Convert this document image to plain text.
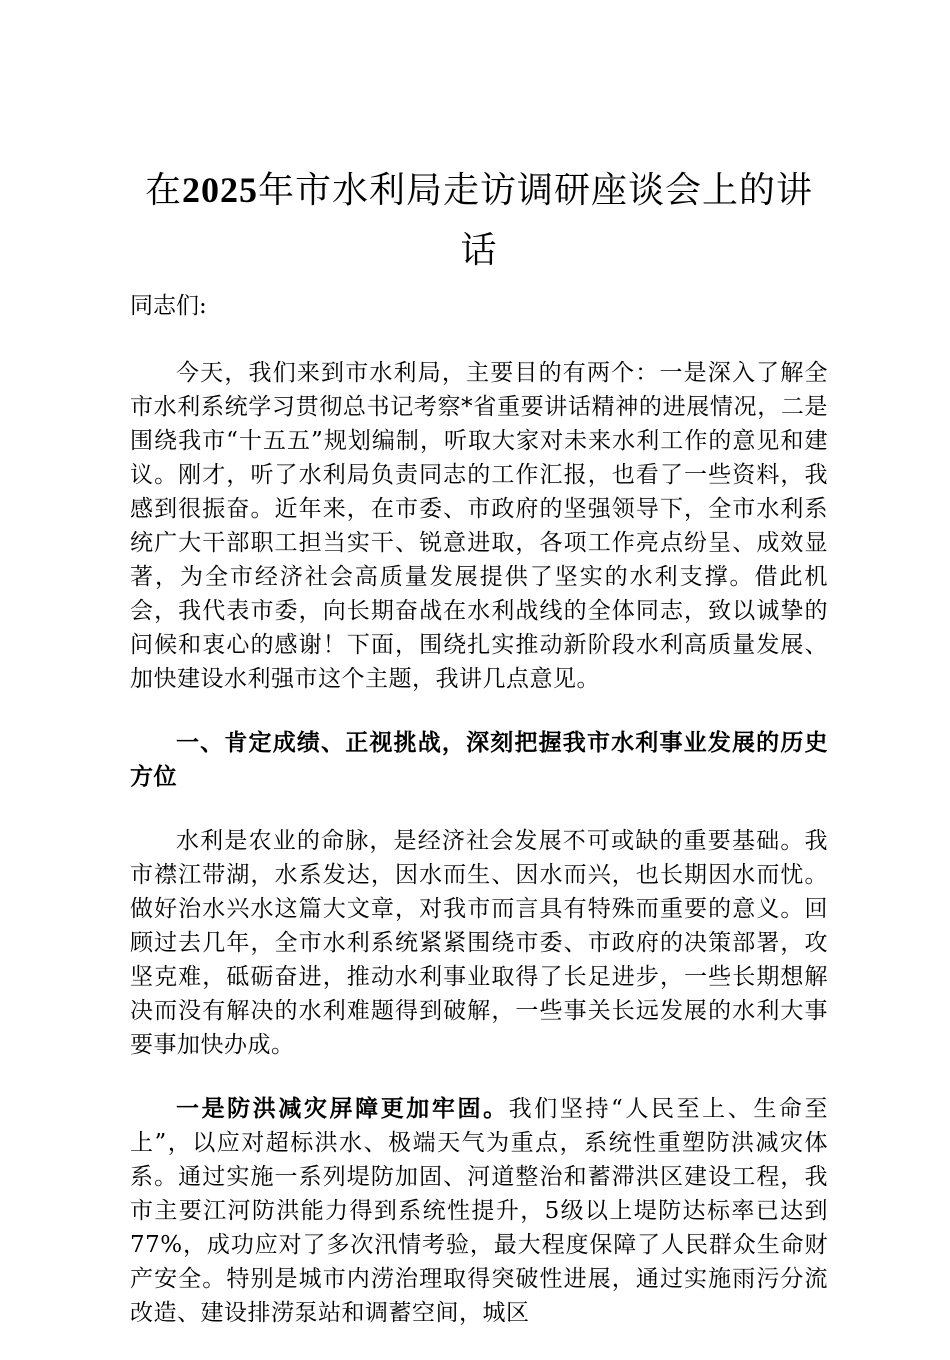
在2025年市水利局走访调研座谈会上的讲话

同志们:

今天，我们来到市水利局，主要目的有两个：一是深入了解全市水利系统学习贯彻总书记考察*省重要讲话精神的进展情况，二是围绕我市“十五五”规划编制，听取大家对未来水利工作的意见和建议。刚才，听了水利局负责同志的工作汇报，也看了一些资料，我感到很振奋。近年来，在市委、市政府的坚强领导下，全市水利系统广大干部职工担当实干、锐意进取，各项工作亮点纷呈、成效显著，为全市经济社会高质量发展提供了坚实的水利支撑。借此机会，我代表市委，向长期奋战在水利战线的全体同志，致以诚挚的问候和衷心的感谢！下面，围绕扎实推动新阶段水利高质量发展、加快建设水利强市这个主题，我讲几点意见。

一、肯定成绩、正视挑战，深刻把握我市水利事业发展的历史方位

水利是农业的命脉，是经济社会发展不可或缺的重要基础。我市襟江带湖，水系发达，因水而生、因水而兴，也长期因水而忧。做好治水兴水这篇大文章，对我市而言具有特殊而重要的意义。回顾过去几年，全市水利系统紧紧围绕市委、市政府的决策部署，攻坚克难，砥砺奋进，推动水利事业取得了长足进步，一些长期想解决而没有解决的水利难题得到破解，一些事关长远发展的水利大事要事加快办成。

一是防洪减灾屏障更加牢固。我们坚持“人民至上、生命至上”，以应对超标洪水、极端天气为重点，系统性重塑防洪减灾体系。通过实施一系列堤防加固、河道整治和蓄滞洪区建设工程，我市主要江河防洪能力得到系统性提升，5级以上堤防达标率已达到77%，成功应对了多次汛情考验，最大程度保障了人民群众生命财产安全。特别是城市内涝治理取得突破性进展，通过实施雨污分流改造、建设排涝泵站和调蓄空间，城区
